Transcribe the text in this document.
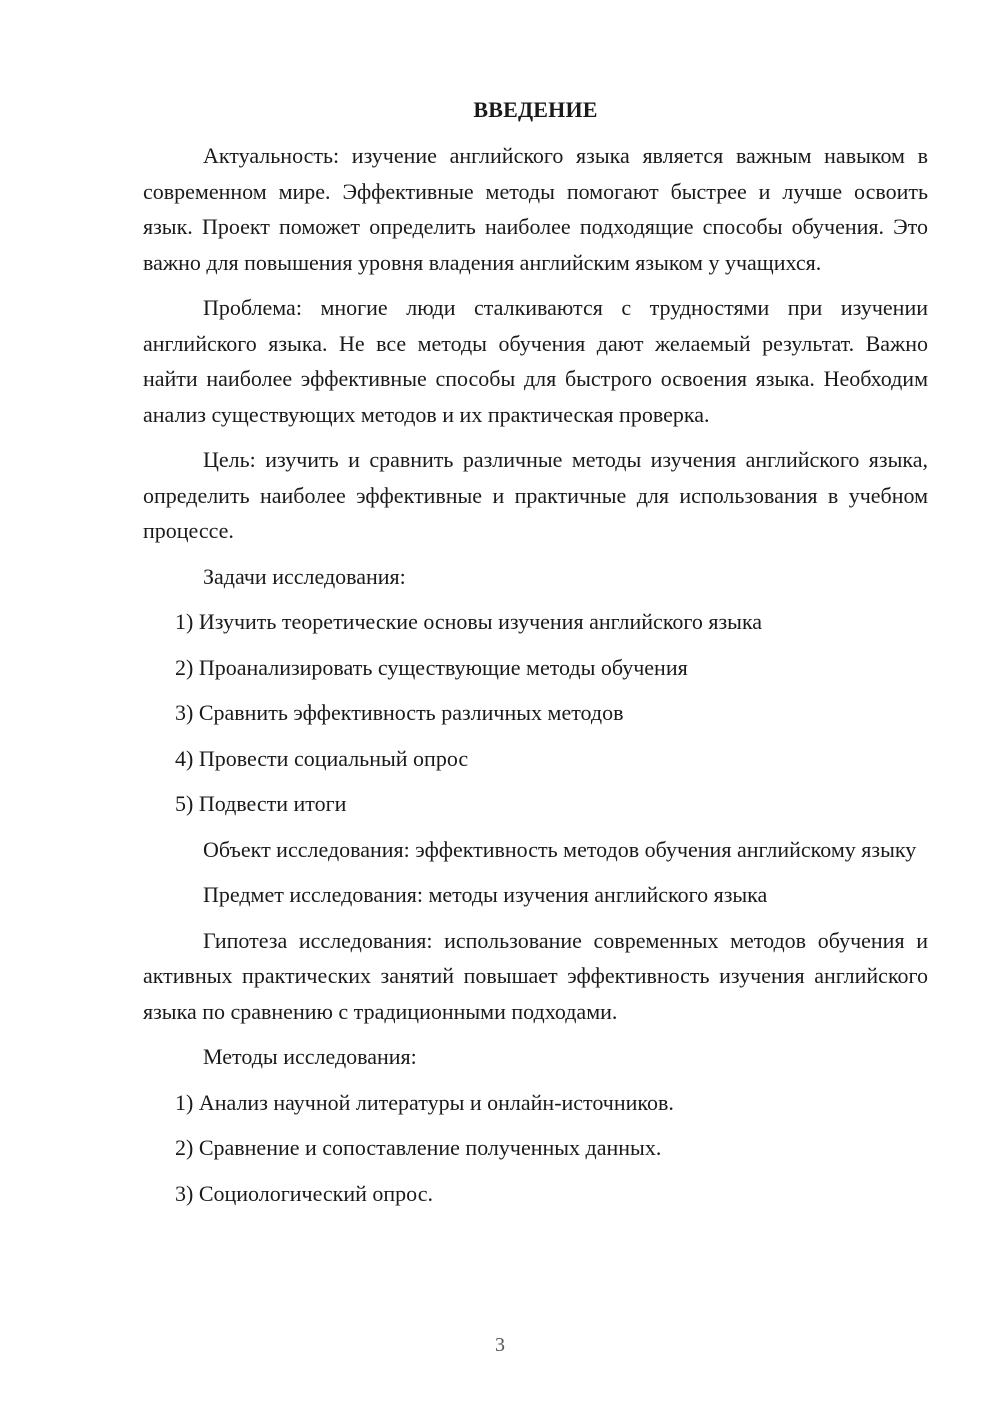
ВВЕДЕНИЕ

Актуальность: изучение английского языка является важным навыком в современном мире. Эффективные методы помогают быстрее и лучше освоить язык. Проект поможет определить наиболее подходящие способы обучения. Это важно для повышения уровня владения английским языком у учащихся.

Проблема: многие люди сталкиваются с трудностями при изучении английского языка. Не все методы обучения дают желаемый результат. Важно найти наиболее эффективные способы для быстрого освоения языка. Необходим анализ существующих методов и их практическая проверка.

Цель: изучить и сравнить различные методы изучения английского языка, определить наиболее эффективные и практичные для использования в учебном процессе.

Задачи исследования:

1) Изучить теоретические основы изучения английского языка

2) Проанализировать существующие методы обучения

3) Сравнить эффективность различных методов

4) Провести социальный опрос

5) Подвести итоги

Объект исследования: эффективность методов обучения английскому языку

Предмет исследования: методы изучения английского языка

Гипотеза исследования: использование современных методов обучения и активных практических занятий повышает эффективность изучения английского языка по сравнению с традиционными подходами.

Методы исследования:

1) Анализ научной литературы и онлайн-источников.

2) Сравнение и сопоставление полученных данных.

3) Социологический опрос.

3
